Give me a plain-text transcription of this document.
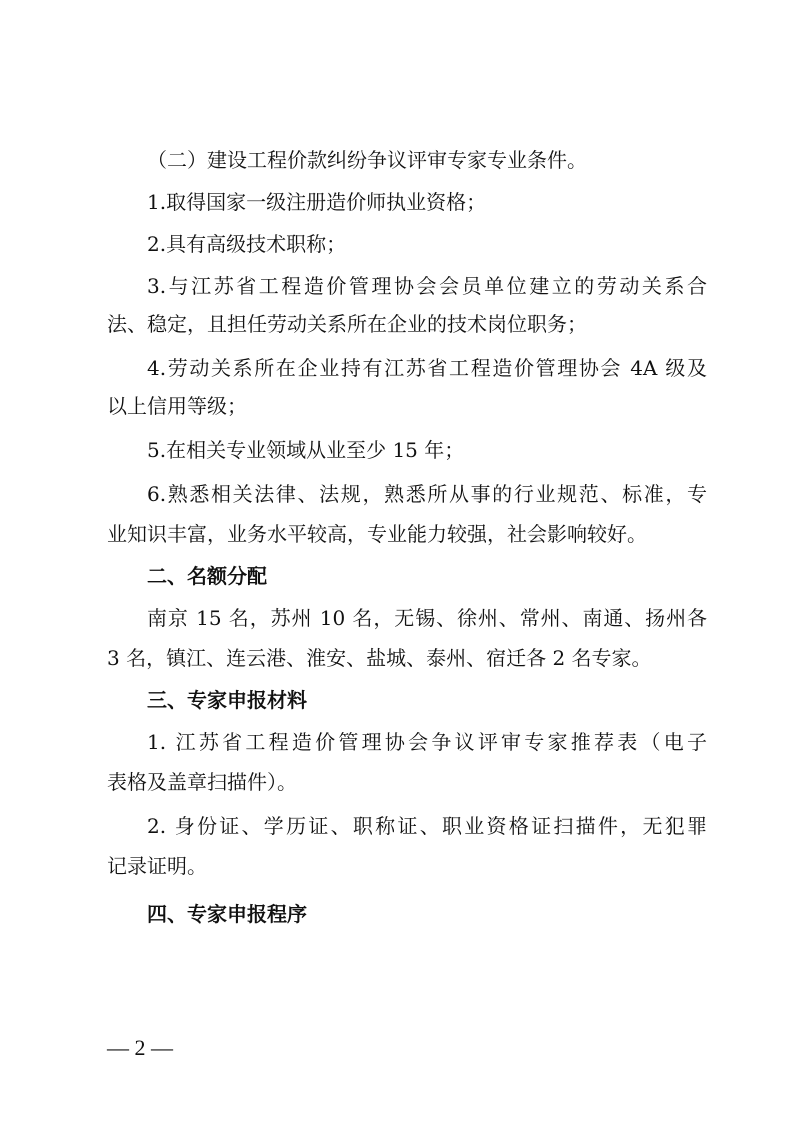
（二）建设工程价款纠纷争议评审专家专业条件。
1.取得国家一级注册造价师执业资格；
2.具有高级技术职称；
3.与江苏省工程造价管理协会会员单位建立的劳动关系合
法、稳定，且担任劳动关系所在企业的技术岗位职务；
4.劳动关系所在企业持有江苏省工程造价管理协会 4A 级及
以上信用等级；
5.在相关专业领域从业至少 15 年；
6.熟悉相关法律、法规，熟悉所从事的行业规范、标准，专
业知识丰富，业务水平较高，专业能力较强，社会影响较好。
二、名额分配
南京 15 名，苏州 10 名，无锡、徐州、常州、南通、扬州各
3 名，镇江、连云港、淮安、盐城、泰州、宿迁各 2 名专家。
三、专家申报材料
1. 江苏省工程造价管理协会争议评审专家推荐表（电子
表格及盖章扫描件）。
2. 身份证、学历证、职称证、职业资格证扫描件，无犯罪
记录证明。
四、专家申报程序
— 2 —
